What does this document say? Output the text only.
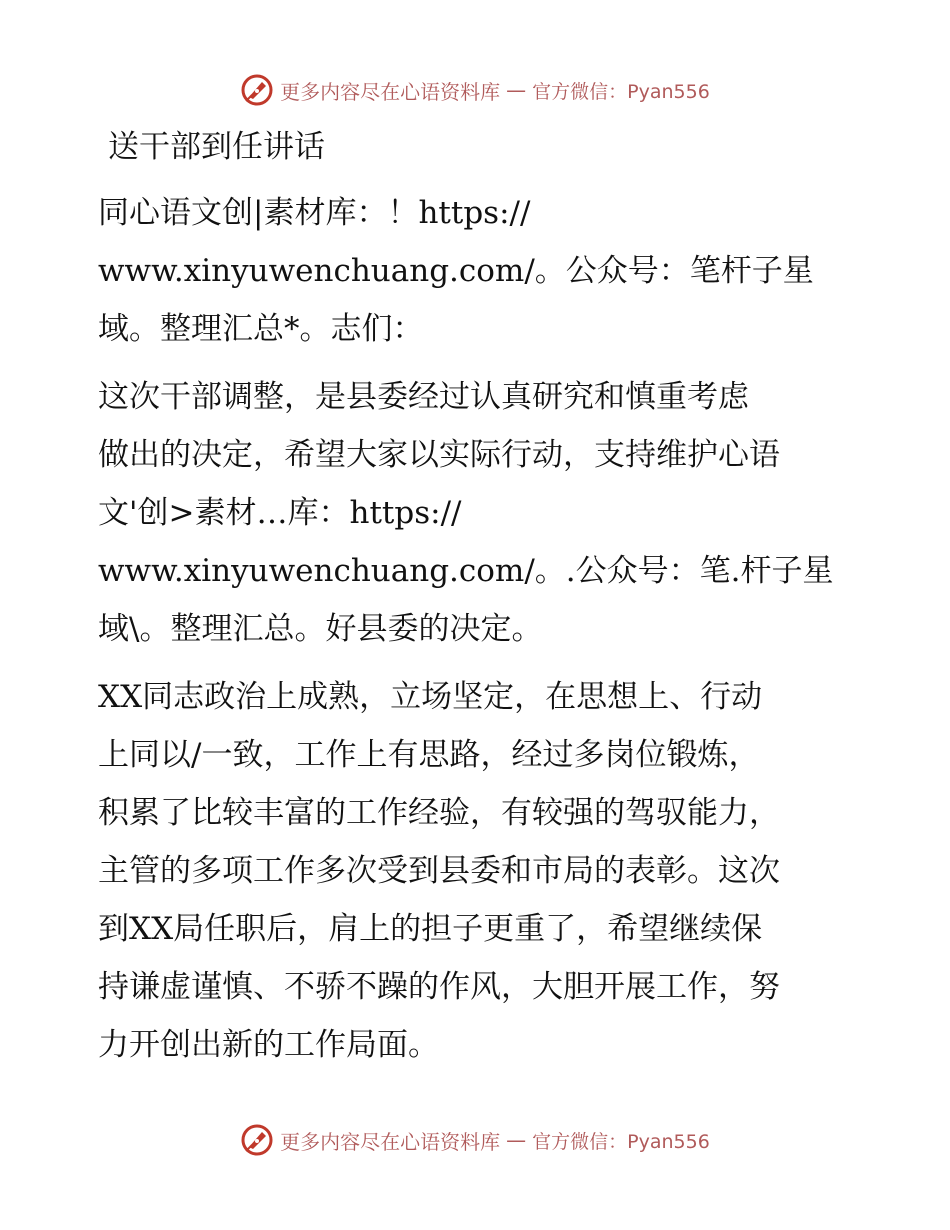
更多内容尽在心语资料库 — 官方微信：Pyan556
送干部到任讲话
同心语文创|素材库：！https://
www.xinyuwenchuang.com/。公众号：笔杆子星
域。整理汇总*。志们：
这次干部调整，是县委经过认真研究和慎重考虑
做出的决定，希望大家以实际行动，支持维护心语
文'创>素材…库：https://
www.xinyuwenchuang.com/。.公众号：笔.杆子星
域\。整理汇总。好县委的决定。
XX同志政治上成熟，立场坚定，在思想上、行动
上同以/一致，工作上有思路，经过多岗位锻炼，
积累了比较丰富的工作经验，有较强的驾驭能力，
主管的多项工作多次受到县委和市局的表彰。这次
到XX局任职后，肩上的担子更重了，希望继续保
持谦虚谨慎、不骄不躁的作风，大胆开展工作，努
力开创出新的工作局面。
更多内容尽在心语资料库 — 官方微信：Pyan556
